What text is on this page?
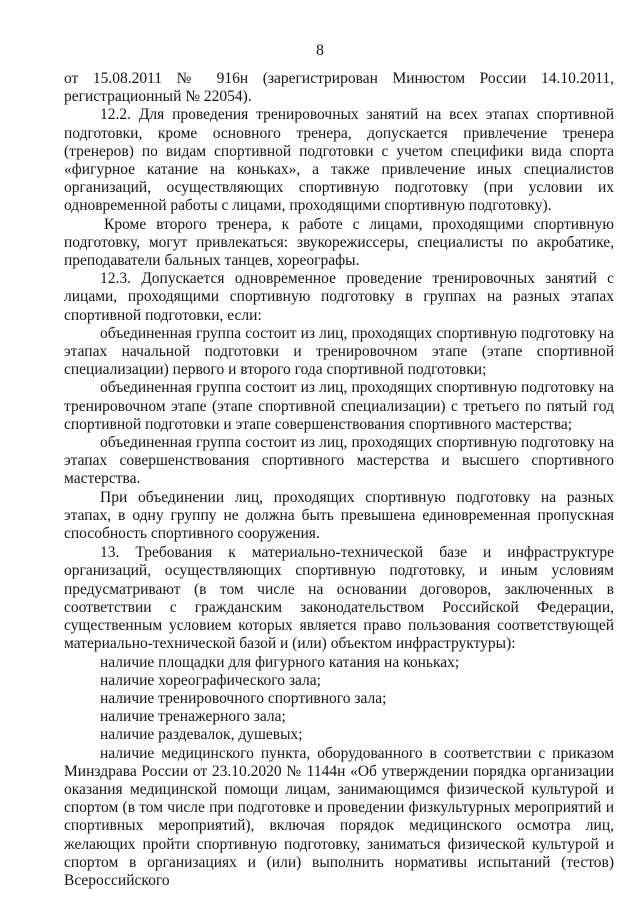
8

от 15.08.2011 № 916н (зарегистрирован Минюстом России 14.10.2011, регистрационный № 22054).

12.2. Для проведения тренировочных занятий на всех этапах спортивной подготовки, кроме основного тренера, допускается привлечение тренера (тренеров) по видам спортивной подготовки с учетом специфики вида спорта «фигурное катание на коньках», а также привлечение иных специалистов организаций, осуществляющих спортивную подготовку (при условии их одновременной работы с лицами, проходящими спортивную подготовку).

Кроме второго тренера, к работе с лицами, проходящими спортивную подготовку, могут привлекаться: звукорежиссеры, специалисты по акробатике, преподаватели бальных танцев, хореографы.

12.3. Допускается одновременное проведение тренировочных занятий с лицами, проходящими спортивную подготовку в группах на разных этапах спортивной подготовки, если:

объединенная группа состоит из лиц, проходящих спортивную подготовку на этапах начальной подготовки и тренировочном этапе (этапе спортивной специализации) первого и второго года спортивной подготовки;

объединенная группа состоит из лиц, проходящих спортивную подготовку на тренировочном этапе (этапе спортивной специализации) с третьего по пятый год спортивной подготовки и этапе совершенствования спортивного мастерства;

объединенная группа состоит из лиц, проходящих спортивную подготовку на этапах совершенствования спортивного мастерства и высшего спортивного мастерства.

При объединении лиц, проходящих спортивную подготовку на разных этапах, в одну группу не должна быть превышена единовременная пропускная способность спортивного сооружения.

13. Требования к материально-технической базе и инфраструктуре организаций, осуществляющих спортивную подготовку, и иным условиям предусматривают (в том числе на основании договоров, заключенных в соответствии с гражданским законодательством Российской Федерации, существенным условием которых является право пользования соответствующей материально-технической базой и (или) объектом инфраструктуры):

наличие площадки для фигурного катания на коньках;

наличие хореографического зала;

наличие тренировочного спортивного зала;

наличие тренажерного зала;

наличие раздевалок, душевых;

наличие медицинского пункта, оборудованного в соответствии с приказом Минздрава России от 23.10.2020 № 1144н «Об утверждении порядка организации оказания медицинской помощи лицам, занимающимся физической культурой и спортом (в том числе при подготовке и проведении физкультурных мероприятий и спортивных мероприятий), включая порядок медицинского осмотра лиц, желающих пройти спортивную подготовку, заниматься физической культурой и спортом в организациях и (или) выполнить нормативы испытаний (тестов) Всероссийского
